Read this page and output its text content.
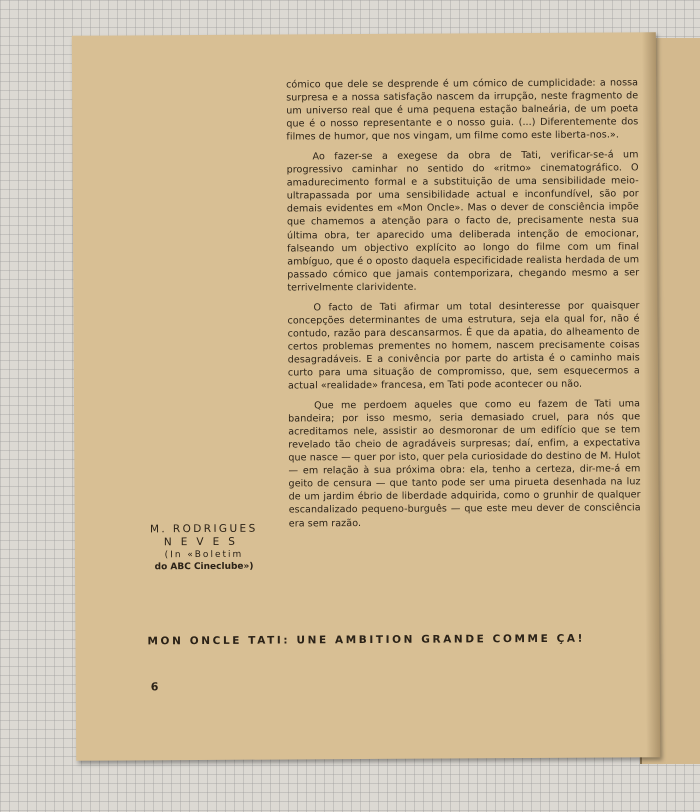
cómico que dele se desprende é um cómico de cumplicidade: a nossa surpresa e a nossa satisfação nascem da irrupção, neste fragmento de um universo real que é uma pequena estação balneária, de um poeta que é o nosso representante e o nosso guia. (...) Diferentemente dos filmes de humor, que nos vingam, um filme como este liberta-nos.».

Ao fazer-se a exegese da obra de Tati, verificar-se-á um progressivo caminhar no sentido do «ritmo» cinematográfico. O amadurecimento formal e a substituição de uma sensibilidade meio-ultrapassada por uma sensibilidade actual e inconfundível, são por demais evidentes em «Mon Oncle». Mas o dever de consciência impõe que chamemos a atenção para o facto de, precisamente nesta sua última obra, ter aparecido uma deliberada intenção de emocionar, falseando um objectivo explícito ao longo do filme com um final ambíguo, que é o oposto daquela especificidade realista herdada de um passado cómico que jamais contemporizara, chegando mesmo a ser terrivelmente clarividente.

O facto de Tati afirmar um total desinteresse por quaisquer concepções determinantes de uma estrutura, seja ela qual for, não é contudo, razão para descansarmos. É que da apatia, do alheamento de certos problemas prementes no homem, nascem precisamente coisas desagradáveis. E a conivência por parte do artista é o caminho mais curto para uma situação de compromisso, que, sem esquecermos a actual «realidade» francesa, em Tati pode acontecer ou não.

Que me perdoem aqueles que como eu fazem de Tati uma bandeira; por isso mesmo, seria demasiado cruel, para nós que acreditamos nele, assistir ao desmoronar de um edifício que se tem revelado tão cheio de agradáveis surpresas; daí, enfim, a expectativa que nasce — quer por isto, quer pela curiosidade do destino de M. Hulot — em relação à sua próxima obra: ela, tenho a certeza, dir-me-á em geito de censura — que tanto pode ser uma pirueta desenhada na luz de um jardim ébrio de liberdade adquirida, como o grunhir de qualquer escandalizado pequeno-burguês — que este meu dever de consciência era sem razão.

M. RODRIGUES
NEVES
(In «Boletim
do ABC Cineclube»)
MON ONCLE TATI: UNE AMBITION GRANDE COMME ÇA!
6
